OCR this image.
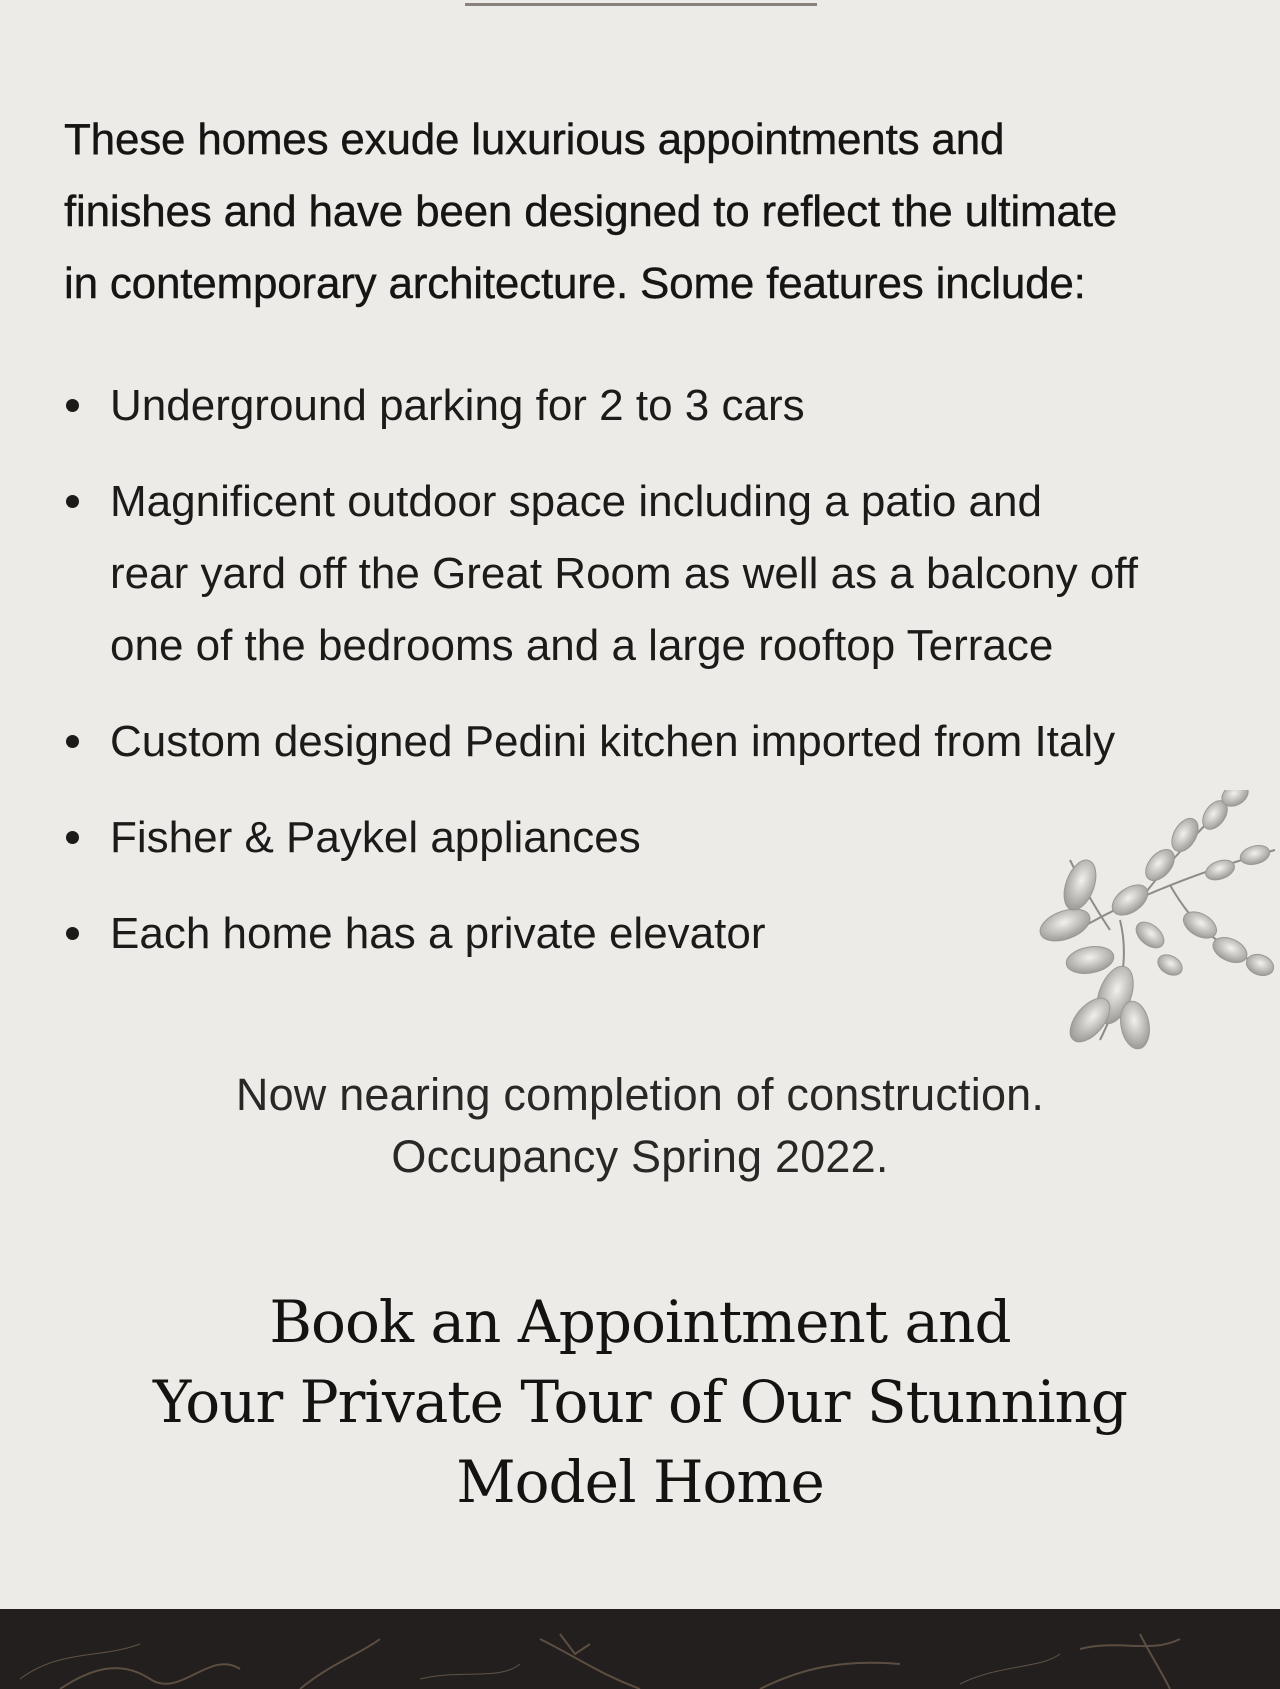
These homes exude luxurious appointments and
finishes and have been designed to reflect the ultimate
in contemporary architecture. Some features include:

Underground parking for 2 to 3 cars
Magnificent outdoor space including a patio and
rear yard off the Great Room as well as a balcony off
one of the bedrooms and a large rooftop Terrace
Custom designed Pedini kitchen imported from Italy
Fisher & Paykel appliances
Each home has a private elevator
Now nearing completion of construction.
Occupancy Spring 2022.
Book an Appointment and
Your Private Tour of Our Stunning
Model Home
